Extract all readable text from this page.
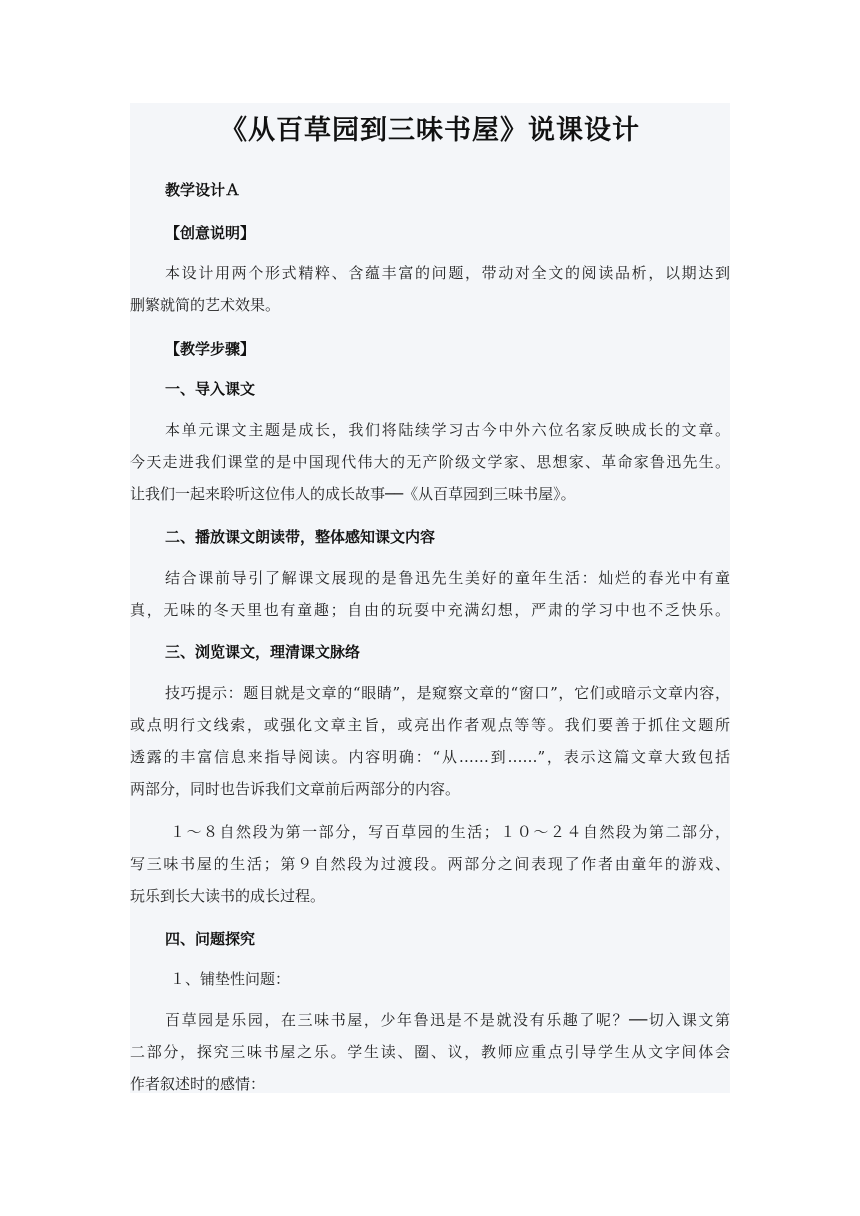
《从百草园到三味书屋》说课设计
教学设计Ａ
【创意说明】
本设计用两个形式精粹、含蕴丰富的问题，带动对全文的阅读品析，以期达到
删繁就简的艺术效果。
【教学步骤】
一、导入课文
本单元课文主题是成长，我们将陆续学习古今中外六位名家反映成长的文章。
今天走进我们课堂的是中国现代伟大的无产阶级文学家、思想家、革命家鲁迅先生。
让我们一起来聆听这位伟人的成长故事──《从百草园到三味书屋》。
二、播放课文朗读带，整体感知课文内容
结合课前导引了解课文展现的是鲁迅先生美好的童年生活：灿烂的春光中有童
真，无味的冬天里也有童趣；自由的玩耍中充满幻想，严肃的学习中也不乏快乐。
三、浏览课文，理清课文脉络
技巧提示：题目就是文章的“眼睛”，是窥察文章的“窗口”，它们或暗示文章内容，
或点明行文线索，或强化文章主旨，或亮出作者观点等等。我们要善于抓住文题所
透露的丰富信息来指导阅读。内容明确：“从……到……”，表示这篇文章大致包括
两部分，同时也告诉我们文章前后两部分的内容。
１～８自然段为第一部分，写百草园的生活；１０～２４自然段为第二部分，
写三味书屋的生活；第９自然段为过渡段。两部分之间表现了作者由童年的游戏、
玩乐到长大读书的成长过程。
四、问题探究
１、铺垫性问题：
百草园是乐园，在三味书屋，少年鲁迅是不是就没有乐趣了呢？──切入课文第
二部分，探究三味书屋之乐。学生读、圈、议，教师应重点引导学生从文字间体会
作者叙述时的感情：
